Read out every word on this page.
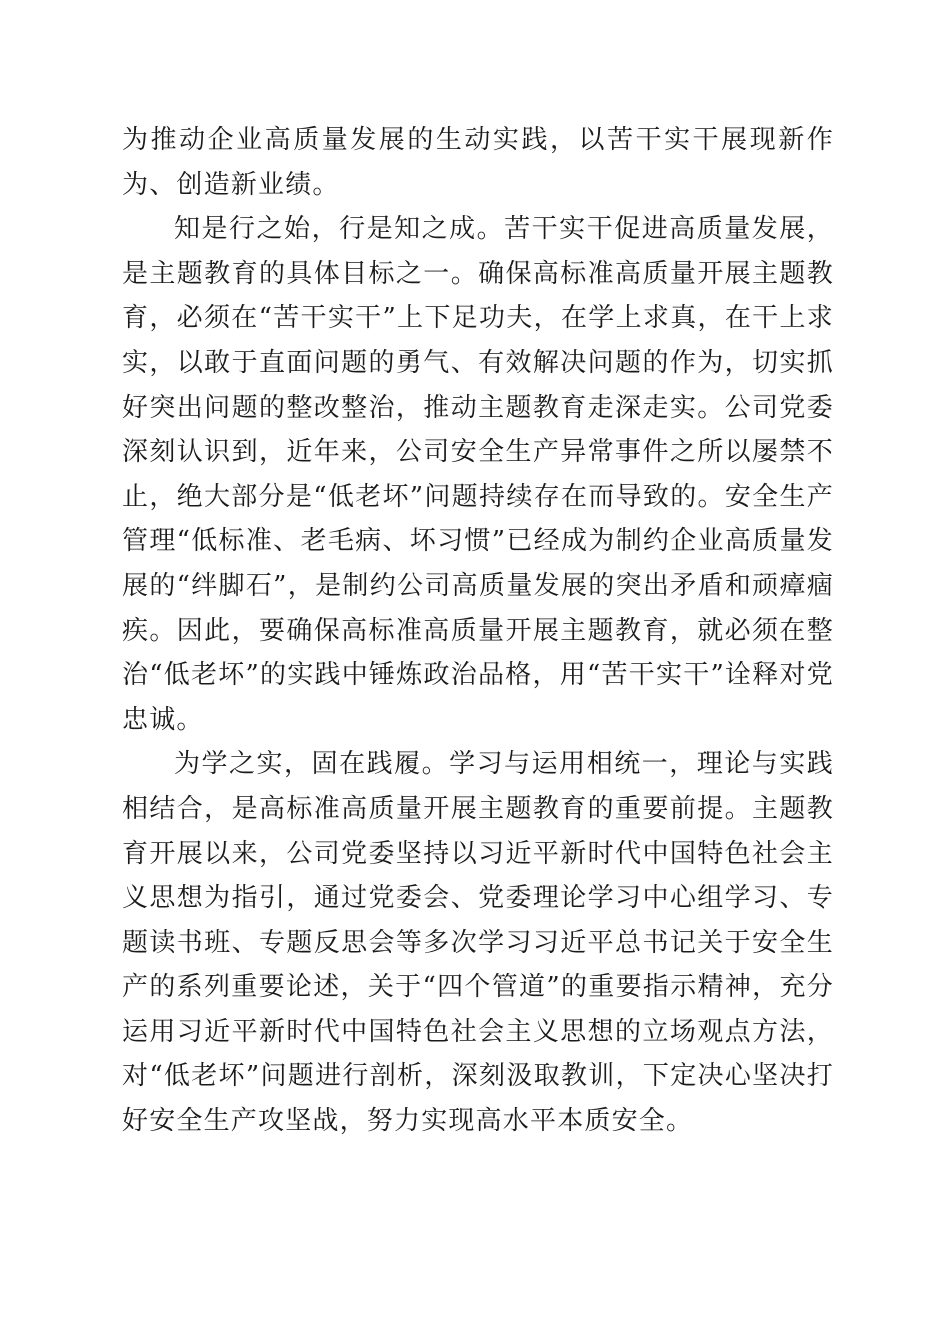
为推动企业高质量发展的生动实践，以苦干实干展现新作为、创造新业绩。

知是行之始，行是知之成。苦干实干促进高质量发展，是主题教育的具体目标之一。确保高标准高质量开展主题教育，必须在“苦干实干”上下足功夫，在学上求真，在干上求实，以敢于直面问题的勇气、有效解决问题的作为，切实抓好突出问题的整改整治，推动主题教育走深走实。公司党委深刻认识到，近年来，公司安全生产异常事件之所以屡禁不止，绝大部分是“低老坏”问题持续存在而导致的。安全生产管理“低标准、老毛病、坏习惯”已经成为制约企业高质量发展的“绊脚石”，是制约公司高质量发展的突出矛盾和顽瘴痼疾。因此，要确保高标准高质量开展主题教育，就必须在整治“低老坏”的实践中锤炼政治品格，用“苦干实干”诠释对党忠诚。

为学之实，固在践履。学习与运用相统一，理论与实践相结合，是高标准高质量开展主题教育的重要前提。主题教育开展以来，公司党委坚持以习近平新时代中国特色社会主义思想为指引，通过党委会、党委理论学习中心组学习、专题读书班、专题反思会等多次学习习近平总书记关于安全生产的系列重要论述，关于“四个管道”的重要指示精神，充分运用习近平新时代中国特色社会主义思想的立场观点方法，对“低老坏”问题进行剖析，深刻汲取教训，下定决心坚决打好安全生产攻坚战，努力实现高水平本质安全。
